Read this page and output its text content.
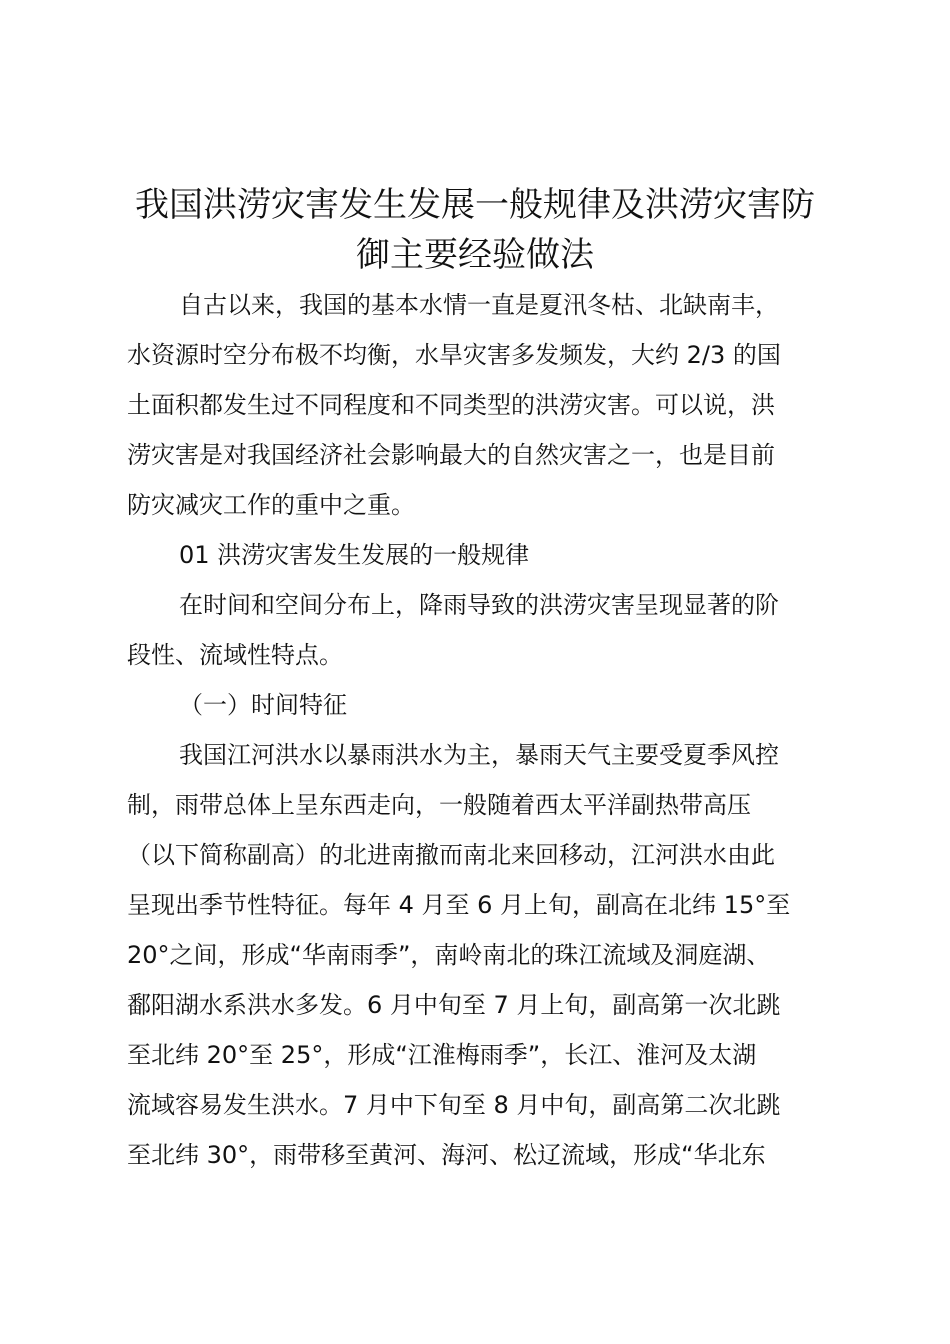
我国洪涝灾害发生发展一般规律及洪涝灾害防
御主要经验做法
自古以来，我国的基本水情一直是夏汛冬枯、北缺南丰，
水资源时空分布极不均衡，水旱灾害多发频发，大约 2/3 的国
土面积都发生过不同程度和不同类型的洪涝灾害。可以说，洪
涝灾害是对我国经济社会影响最大的自然灾害之一，也是目前
防灾减灾工作的重中之重。
01 洪涝灾害发生发展的一般规律
在时间和空间分布上，降雨导致的洪涝灾害呈现显著的阶
段性、流域性特点。
（一）时间特征
我国江河洪水以暴雨洪水为主，暴雨天气主要受夏季风控
制，雨带总体上呈东西走向，一般随着西太平洋副热带高压
（以下简称副高）的北进南撤而南北来回移动，江河洪水由此
呈现出季节性特征。每年 4 月至 6 月上旬，副高在北纬 15°至
20°之间，形成“华南雨季”，南岭南北的珠江流域及洞庭湖、
鄱阳湖水系洪水多发。6 月中旬至 7 月上旬，副高第一次北跳
至北纬 20°至 25°，形成“江淮梅雨季”，长江、淮河及太湖
流域容易发生洪水。7 月中下旬至 8 月中旬，副高第二次北跳
至北纬 30°，雨带移至黄河、海河、松辽流域，形成“华北东
